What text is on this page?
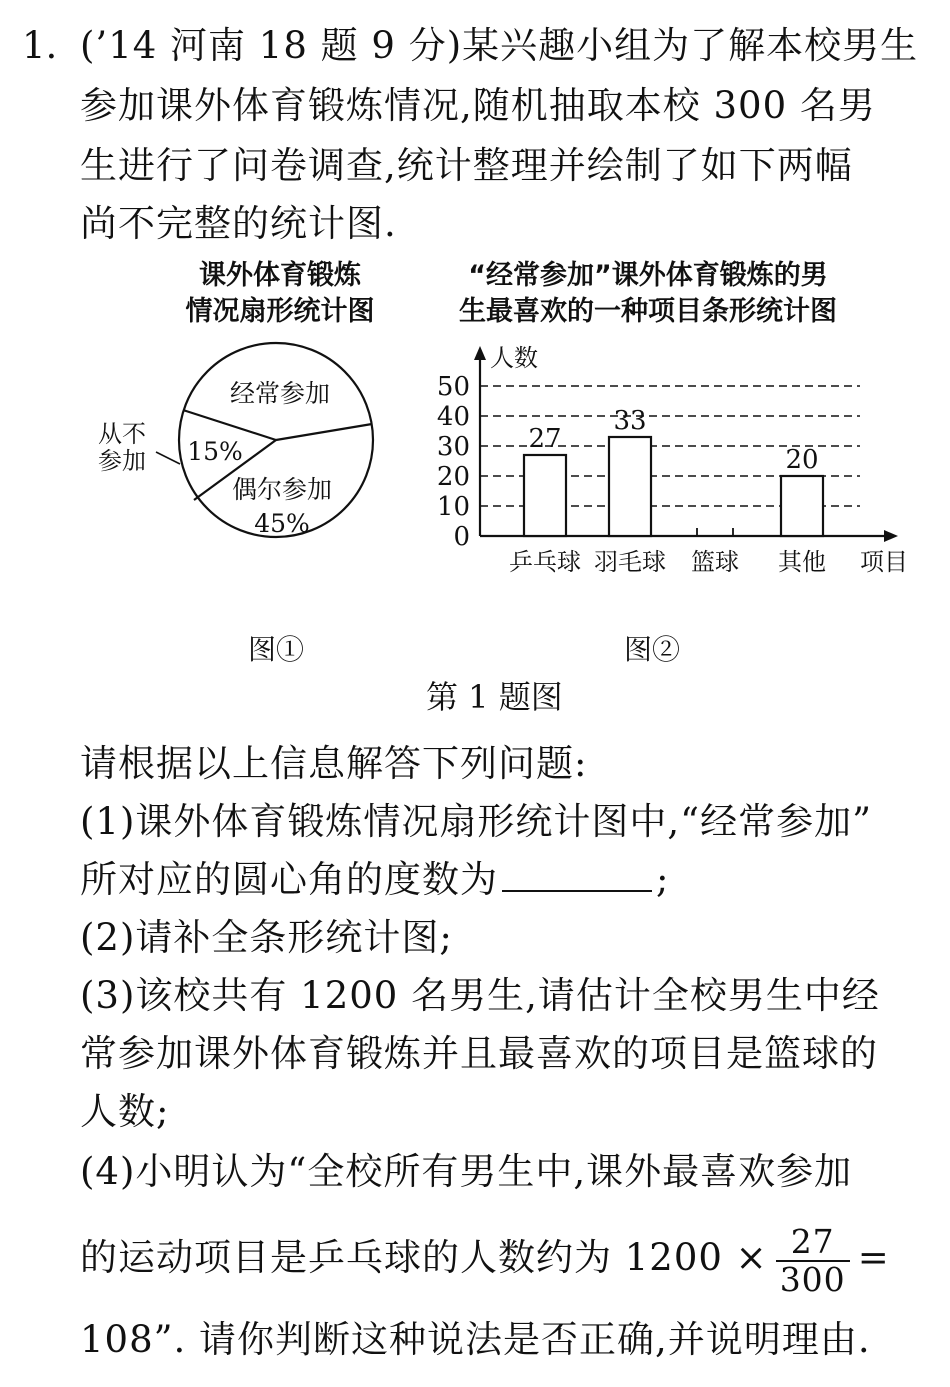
1. (’14 河南 18 题 9 分)某兴趣小组为了解本校男生
参加课外体育锻炼情况,随机抽取本校 300 名男
生进行了问卷调查,统计整理并绘制了如下两幅
尚不完整的统计图.
课外体育锻炼
情况扇形统计图
“经常参加”课外体育锻炼的男
生最喜欢的一种项目条形统计图
经常参加
从不
参加 15%
偶尔参加
45%	0
10
20
30
40
50
人数
项目
乒乓球
27
羽毛球
33
篮球 其他
20
图①	图②
第 1 题图
请根据以上信息解答下列问题:
(1)课外体育锻炼情况扇形统计图中,“经常参加”
所对应的圆心角的度数为	;
(2)请补全条形统计图;
(3)该校共有 1200 名男生,请估计全校男生中经
常参加课外体育锻炼并且最喜欢的项目是篮球的
人数;
(4)小明认为“全校所有男生中,课外最喜欢参加
的运动项目是乒乓球的人数约为 $1200 \times \frac{27}{300}$ =
108”. 请你判断这种说法是否正确,并说明理由.
